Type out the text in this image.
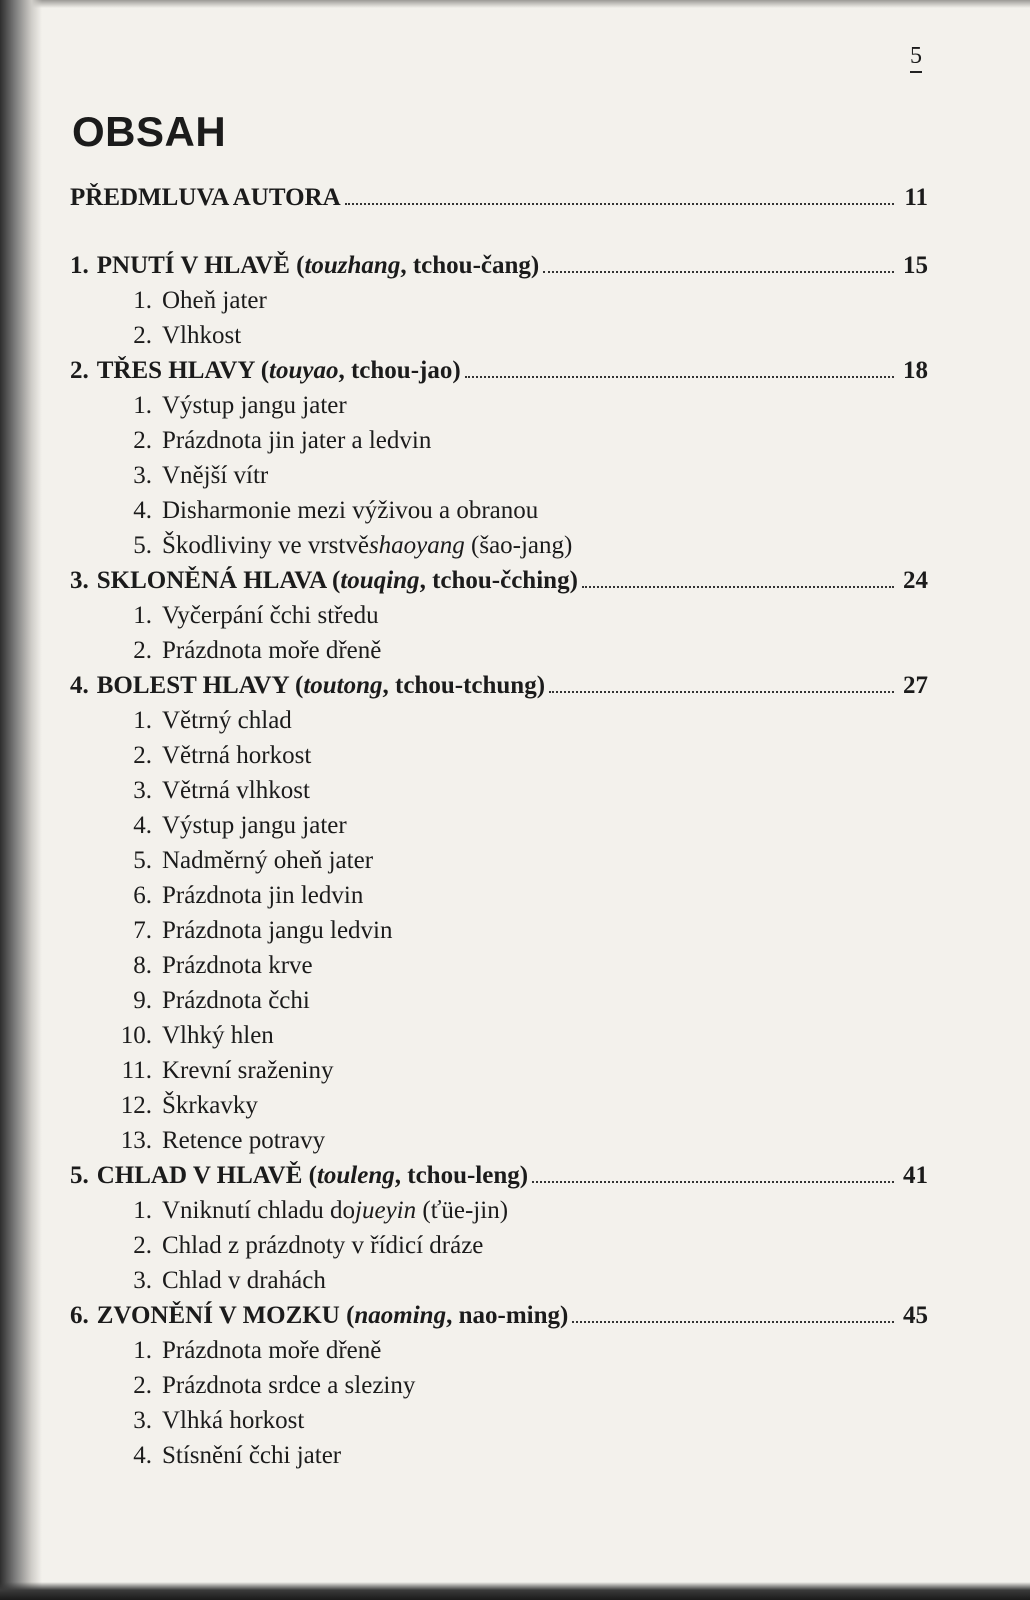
5
OBSAH
PŘEDMLUVA AUTORA	11
1. PNUTÍ V HLAVĚ (touzhang, tchou-čang)	15
1. Oheň jater
2. Vlhkost
2. TŘES HLAVY (touyao, tchou-jao)	18
1. Výstup jangu jater
2. Prázdnota jin jater a ledvin
3. Vnější vítr
4. Disharmonie mezi výživou a obranou
5. Škodliviny ve vrstvě shaoyang
(šao-jang)
3. SKLONĚNÁ HLAVA (touqing, tchou-čching)	24
1. Vyčerpání čchi středu
2. Prázdnota moře dřeně
4. BOLEST HLAVY (toutong, tchou-tchung)	27
1. Větrný chlad
2. Větrná horkost
3. Větrná vlhkost
4. Výstup jangu jater
5. Nadměrný oheň jater
6. Prázdnota jin ledvin
7. Prázdnota jangu ledvin
8. Prázdnota krve
9. Prázdnota čchi
10. Vlhký hlen
11. Krevní sraženiny
12. Škrkavky
13. Retence potravy
5. CHLAD V HLAVĚ (touleng, tchou-leng)	41
1. Vniknutí chladu do jueyin
(ťüe-jin)
2. Chlad z prázdnoty v řídicí dráze
3. Chlad v drahách
6. ZVONĚNÍ V MOZKU (naoming, nao-ming)	45
1. Prázdnota moře dřeně
2. Prázdnota srdce a sleziny
3. Vlhká horkost
4. Stísnění čchi jater
